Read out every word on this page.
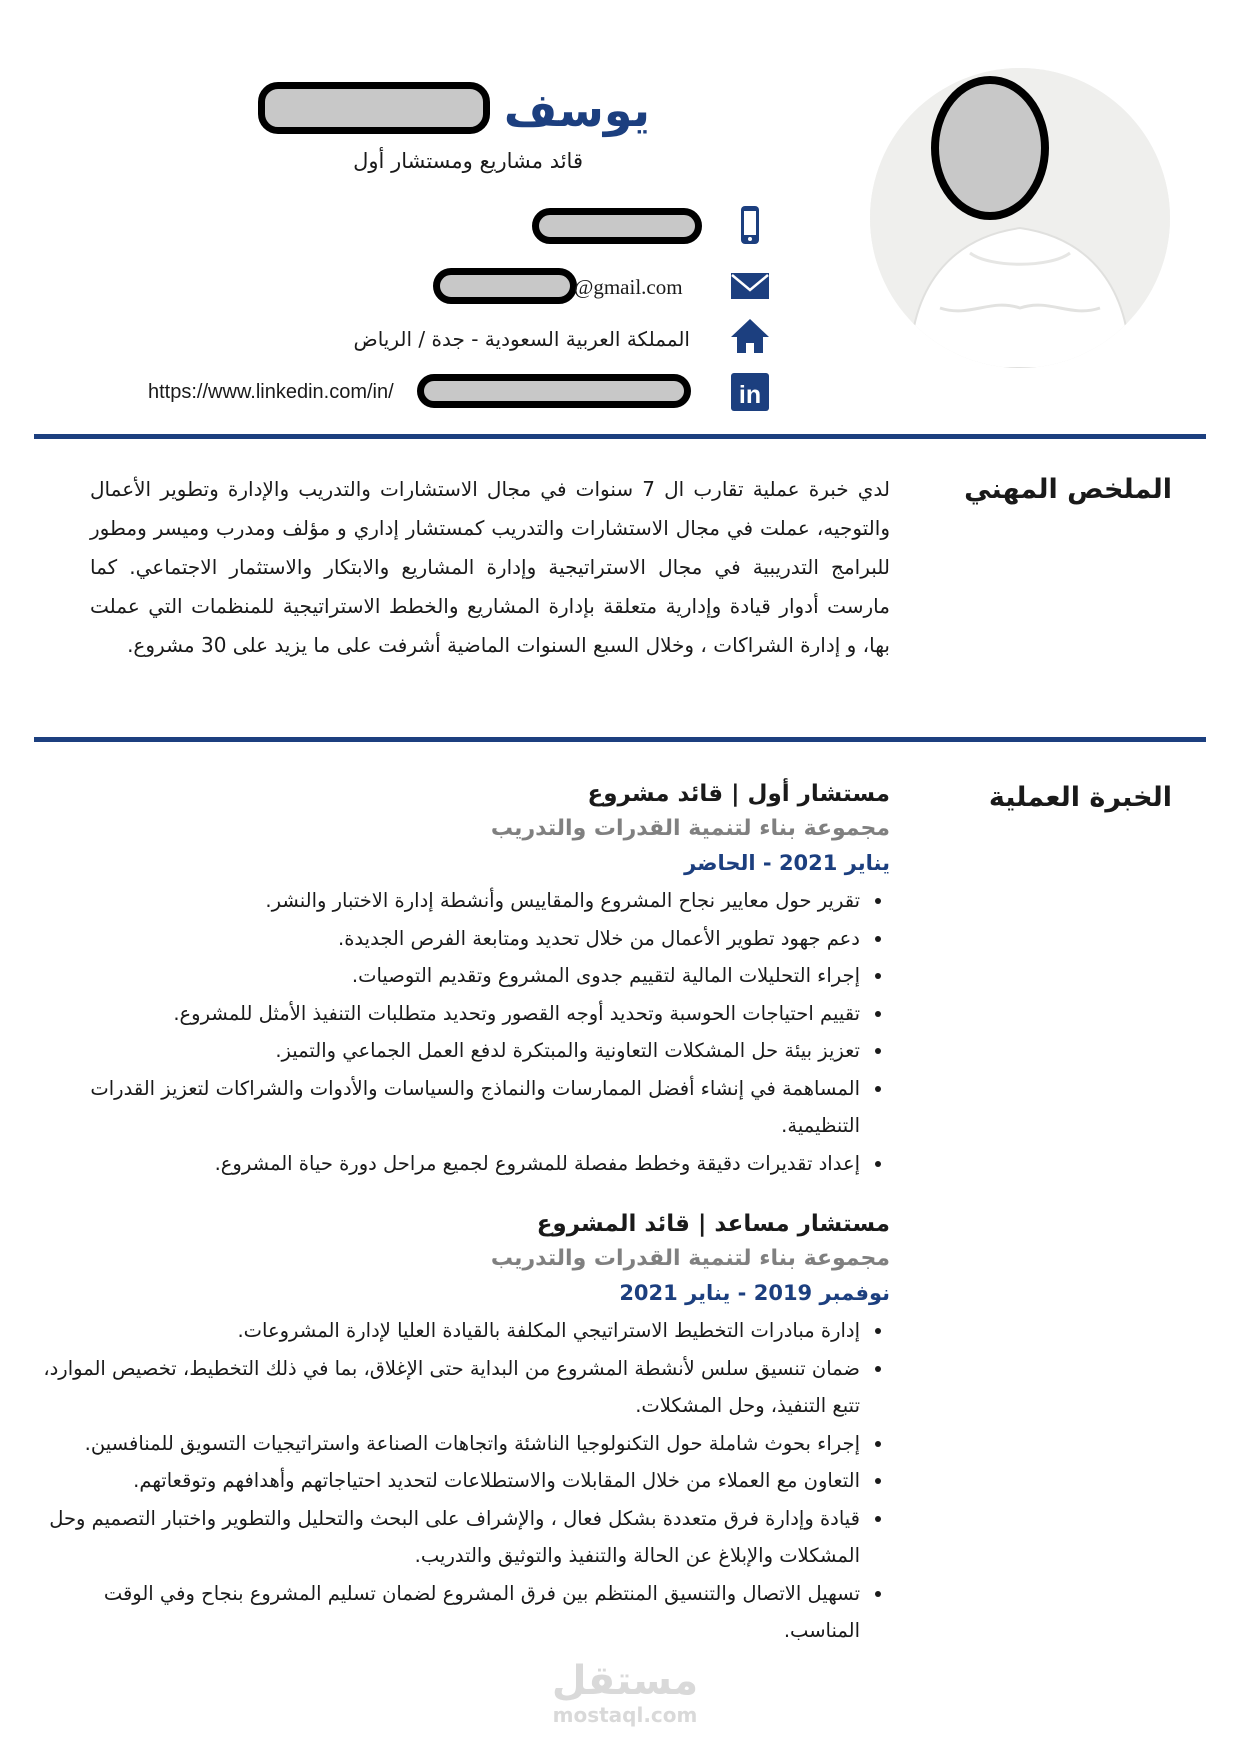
يوسف
قائد مشاريع ومستشار أول
@gmail.com
المملكة العربية السعودية - جدة / الرياض
in
https://www.linkedin.com/in/
الملخص المهني
لدي خبرة عملية تقارب ال 7 سنوات في مجال الاستشارات والتدريب والإدارة وتطوير الأعمال والتوجيه، عملت في مجال الاستشارات والتدريب كمستشار إداري و مؤلف ومدرب وميسر ومطور للبرامج التدريبية في مجال الاستراتيجية وإدارة المشاريع والابتكار والاستثمار الاجتماعي. كما مارست أدوار قيادة وإدارية متعلقة بإدارة المشاريع والخطط الاستراتيجية للمنظمات التي عملت بها، و إدارة الشراكات ، وخلال السبع السنوات الماضية أشرفت على ما يزيد على 30 مشروع.
الخبرة العملية
مستشار أول | قائد مشروع
مجموعة بناء لتنمية القدرات والتدريب
يناير 2021 - الحاضر
• تقرير حول معايير نجاح المشروع والمقاييس وأنشطة إدارة الاختبار والنشر.
• دعم جهود تطوير الأعمال من خلال تحديد ومتابعة الفرص الجديدة.
• إجراء التحليلات المالية لتقييم جدوى المشروع وتقديم التوصيات.
• تقييم احتياجات الحوسبة وتحديد أوجه القصور وتحديد متطلبات التنفيذ الأمثل للمشروع.
• تعزيز بيئة حل المشكلات التعاونية والمبتكرة لدفع العمل الجماعي والتميز.
• المساهمة في إنشاء أفضل الممارسات والنماذج والسياسات والأدوات والشراكات لتعزيز القدرات التنظيمية.
• إعداد تقديرات دقيقة وخطط مفصلة للمشروع لجميع مراحل دورة حياة المشروع.
مستشار مساعد | قائد المشروع
مجموعة بناء لتنمية القدرات والتدريب
نوفمبر 2019 - يناير 2021
• إدارة مبادرات التخطيط الاستراتيجي المكلفة بالقيادة العليا لإدارة المشروعات.
• ضمان تنسيق سلس لأنشطة المشروع من البداية حتى الإغلاق، بما في ذلك التخطيط، تخصيص الموارد، تتبع التنفيذ، وحل المشكلات.
• إجراء بحوث شاملة حول التكنولوجيا الناشئة واتجاهات الصناعة واستراتيجيات التسويق للمنافسين.
• التعاون مع العملاء من خلال المقابلات والاستطلاعات لتحديد احتياجاتهم وأهدافهم وتوقعاتهم.
• قيادة وإدارة فرق متعددة بشكل فعال ، والإشراف على البحث والتحليل والتطوير واختبار التصميم وحل المشكلات والإبلاغ عن الحالة والتنفيذ والتوثيق والتدريب.
• تسهيل الاتصال والتنسيق المنتظم بين فرق المشروع لضمان تسليم المشروع بنجاح وفي الوقت المناسب.
مستقل
mostaql.com
